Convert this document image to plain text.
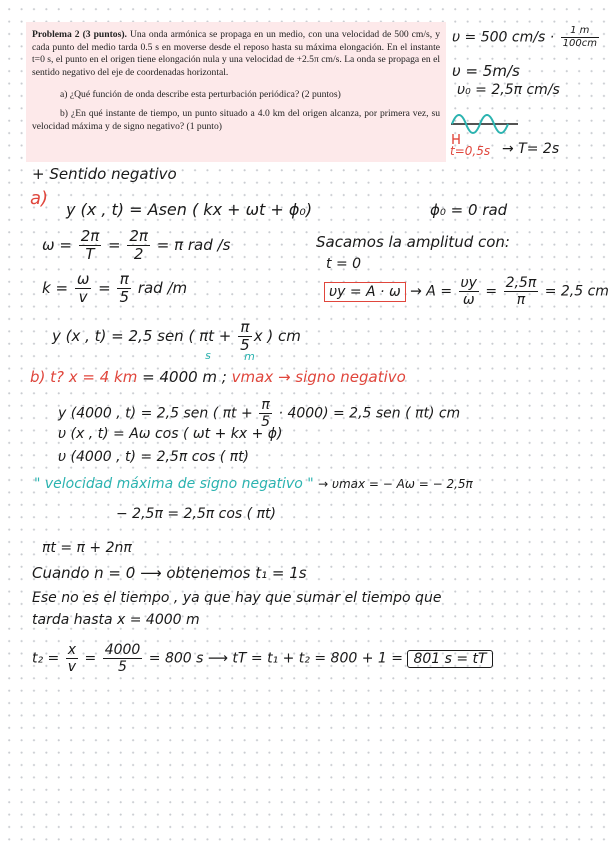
Problema 2 (3 puntos). Una onda armónica se propaga en un medio, con una velocidad de 500 cm/s, y cada punto del medio tarda 0.5 s en moverse desde el reposo hasta su máxima elongación. En el instante t=0 s, el punto en el origen tiene elongación nula y una velocidad de +2.5π cm/s. La onda se propaga en el sentido negativo del eje de coordenadas horizontal.

a) ¿Qué función de onda describe esta perturbación periódica? (2 puntos)

b) ¿En qué instante de tiempo, un punto situado a 4.0 km del origen alcanza, por primera vez, su velocidad máxima y de signo negativo? (1 punto)

υ = 500 $cm/s \cdot \frac{1 m}{100cm}$
υ = 5m/s
υ₀ = 2,5π cm/s
t=0,5s → T= 2s
+ Sentido negativo
a)
y (x , t) = Asen ( kx + ωt + ϕ₀)	ϕ₀ = 0 rad
$\omega = \frac{2\pi}{T} = \frac{2\pi}{2} = \pi$ rad /s	Sacamos la amplitud con:
t = 0
$k = \frac{\omega}{v} = \frac{\pi}{5}$ rad /m	$\upsilon y = A \cdot \omega \to A = \frac{\upsilon y}{\omega} = \frac{2,5\pi}{\pi} = 2,5$ cm
y (x , t) = 2,5 sen ( πt
s
+ $\frac{\pi}{5}$ x
m
) cm
b) t? x = 4 km = 4000 m ; vmax → signo negativo
y (4000 , t) = 2,5 sen ( $\pi t + \frac{\pi}{5} \cdot 4000) = 2,5$ sen ( πt) cm
υ (x , t) = Aω cos ( ωt + kx + ϕ)
υ (4000 , t) = 2,5π cos ( πt)
" velocidad máxima de signo negativo " → υmax = − Aω = − 2,5π
− 2,5π = 2,5π cos ( πt)
πt = π + 2nπ
Cuando n = 0 ⟶ obtenemos t₁ = 1s
Ese no es el tiempo , ya que hay que sumar el tiempo que
tarda hasta x = 4000 m
$t_2 = \frac{x}{v} = \frac{4000}{5} = 800$ s ⟶ tT = t₁ + t₂ = 800 + 1 = 801 s = tT
